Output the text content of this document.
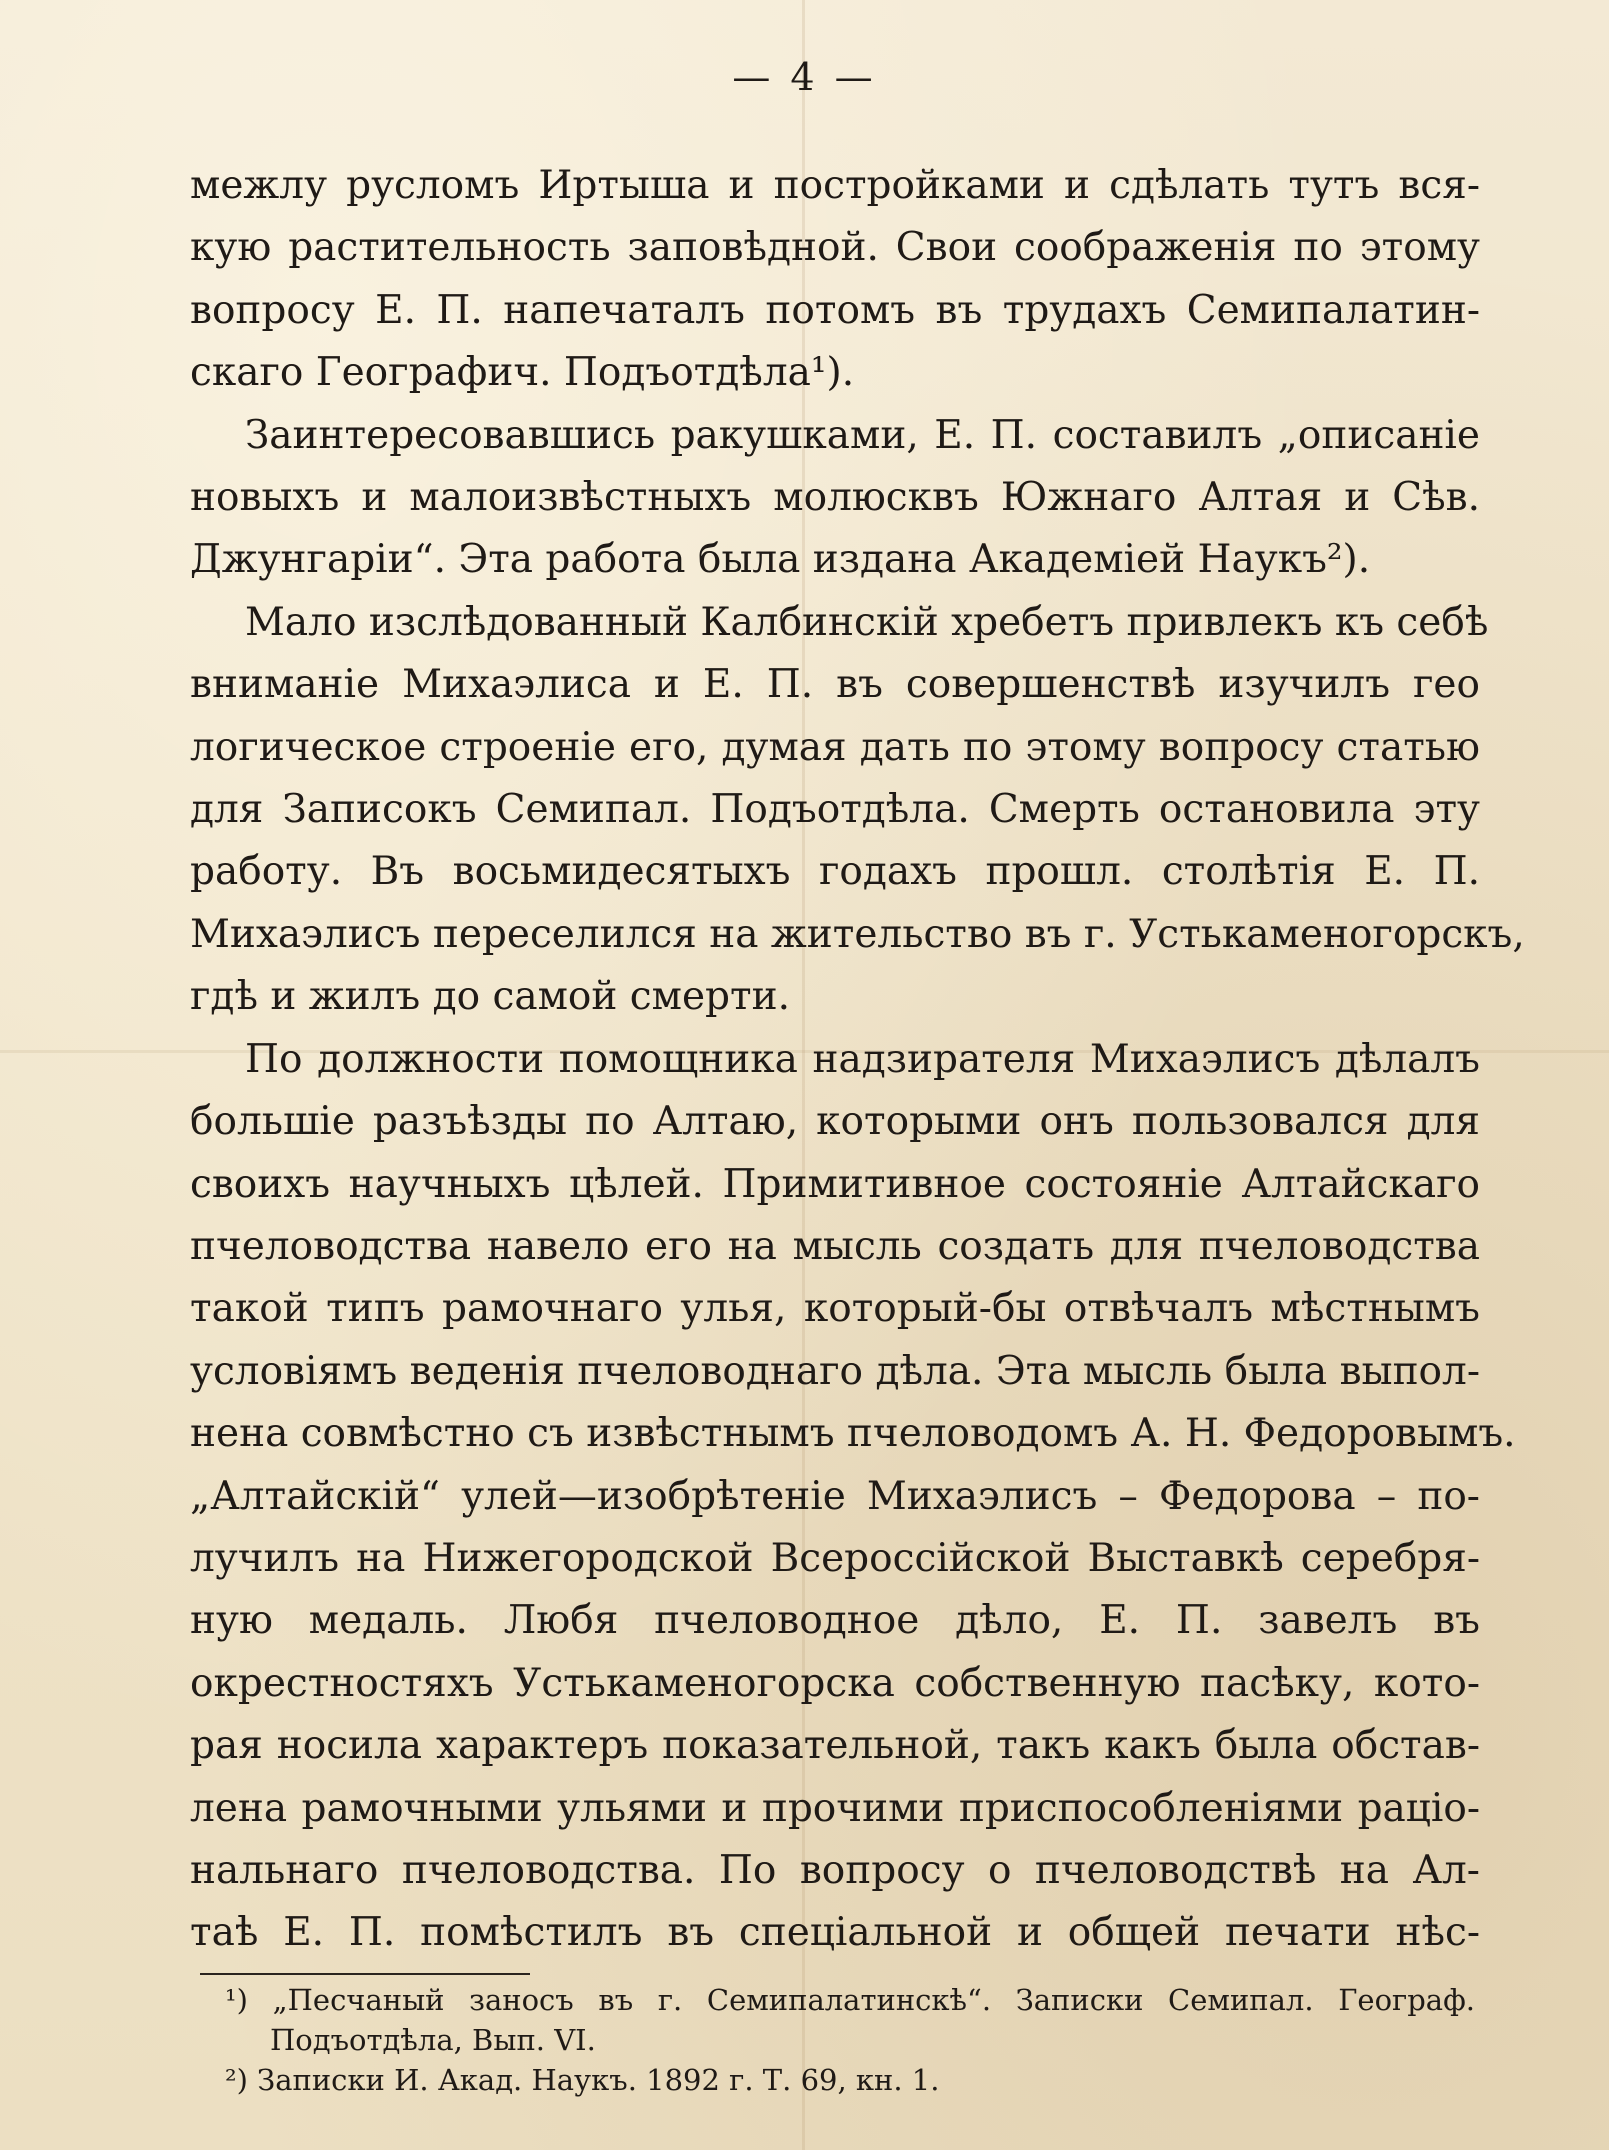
— 4 —
межлу русломъ Иртыша и постройками и сдѣлать тутъ вся-
кую растительность заповѣдной. Свои соображенія по этому
вопросу Е. П. напечаталъ потомъ въ трудахъ Семипалатин-
скаго Географич. Подъотдѣла¹).
Заинтересовавшись ракушками, Е. П. составилъ „описаніе
новыхъ и малоизвѣстныхъ молюсквъ Южнаго Алтая и Сѣв.
Джунгаріи“. Эта работа была издана Академіей Наукъ²).
Мало изслѣдованный Калбинскій хребетъ привлекъ къ себѣ
вниманіе Михаэлиса и Е. П. въ совершенствѣ изучилъ гео
логическое строеніе его, думая дать по этому вопросу статью
для Записокъ Семипал. Подъотдѣла. Смерть остановила эту
работу. Въ восьмидесятыхъ годахъ прошл. столѣтія Е. П.
Михаэлисъ переселился на жительство въ г. Устькаменогорскъ,
гдѣ и жилъ до самой смерти.
По должности помощника надзирателя Михаэлисъ дѣлалъ
большіе разъѣзды по Алтаю, которыми онъ пользовался для
своихъ научныхъ цѣлей. Примитивное состояніе Алтайскаго
пчеловодства навело его на мысль создать для пчеловодства
такой типъ рамочнаго улья, который-бы отвѣчалъ мѣстнымъ
условіямъ веденія пчеловоднаго дѣла. Эта мысль была выпол-
нена совмѣстно съ извѣстнымъ пчеловодомъ А. Н. Федоровымъ.
„Алтайскій“ улей—изобрѣтеніе Михаэлисъ – Федорова – по-
лучилъ на Нижегородской Всероссійской Выставкѣ серебря-
ную медаль. Любя пчеловодное дѣло, Е. П. завелъ въ
окрестностяхъ Устькаменогорска собственную пасѣку, кото-
рая носила характеръ показательной, такъ какъ была обстав-
лена рамочными ульями и прочими приспособленіями раціо-
нальнаго пчеловодства. По вопросу о пчеловодствѣ на Ал-
таѣ Е. П. помѣстилъ въ спеціальной и общей печати нѣс-
¹) „Песчаный заносъ въ г. Семипалатинскѣ“. Записки Семипал. Географ.
Подъотдѣла, Вып. VI.
²) Записки И. Акад. Наукъ. 1892 г. Т. 69, кн. 1.
